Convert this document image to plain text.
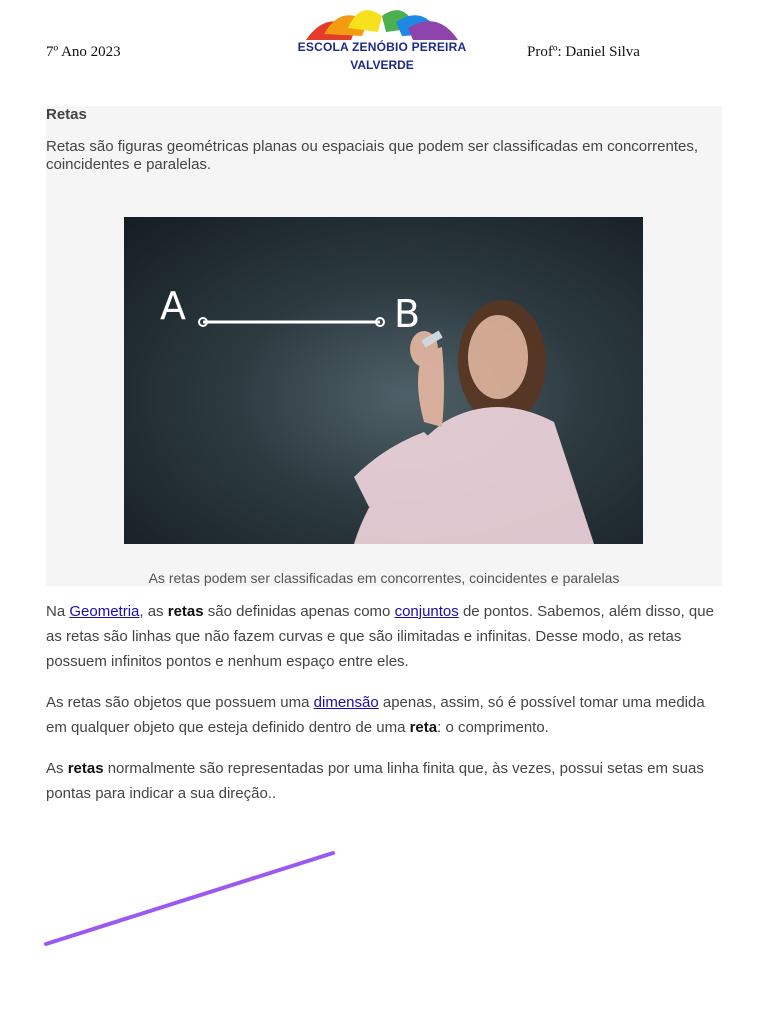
7º Ano 2023	ESCOLA ZENÓBIO PEREIRA
VALVERDE
Profº: Daniel Silva
Retas
Retas são figuras geométricas planas ou espaciais que podem ser classificadas em concorrentes, coincidentes e paralelas.
A	B
As retas podem ser classificadas em concorrentes, coincidentes e paralelas

Na Geometria, as retas são definidas apenas como conjuntos de pontos. Sabemos, além disso, que as retas são linhas que não fazem curvas e que são ilimitadas e infinitas. Desse modo, as retas possuem infinitos pontos e nenhum espaço entre eles.

As retas são objetos que possuem uma dimensão apenas, assim, só é possível tomar uma medida em qualquer objeto que esteja definido dentro de uma reta: o comprimento.

As retas normalmente são representadas por uma linha finita que, às vezes, possui setas em suas pontas para indicar a sua direção..
